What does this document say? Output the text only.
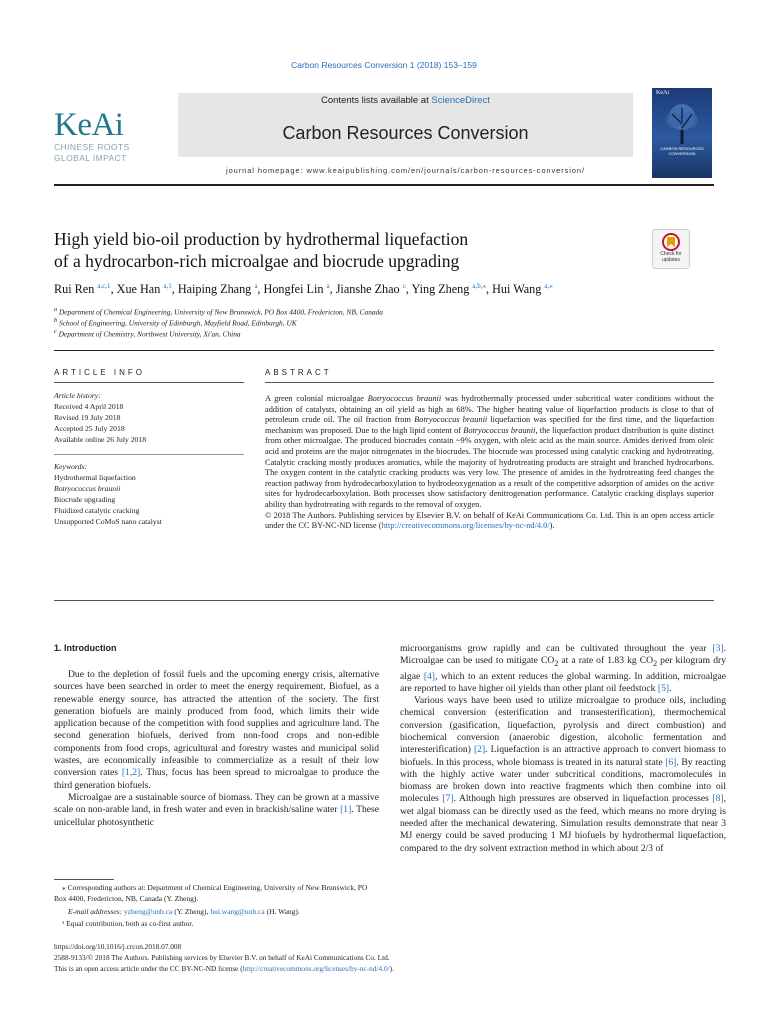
Carbon Resources Conversion 1 (2018) 153–159
KeAi
CHINESE ROOTS
GLOBAL IMPACT
Contents lists available at ScienceDirect
Carbon Resources Conversion
journal homepage: www.keaipublishing.com/en/journals/carbon-resources-conversion/
KeAi
CARBON RESOURCES CONVERSION
High yield bio-oil production by hydrothermal liquefaction
of a hydrocarbon-rich microalgae and biocrude upgrading	Check for updates
Rui Ren $^{a,c,1}$, Xue Han $^{a,1}$, Haiping Zhang $^a$, Hongfei Lin $^a$, Jianshe Zhao $^c$, Ying Zheng $^{a,b,⁎}$, Hui Wang $^{a,⁎}$
$^a$ Department of Chemical Engineering, University of New Brunswick, PO Box 4400, Fredericton, NB, Canada
$^b$ School of Engineering, University of Edinburgh, Mayfield Road, Edinburgh, UK
$^c$ Department of Chemistry, Northwest University, Xi'an, China
ARTICLE INFO
Article history:
Received 4 April 2018
Revised 19 July 2018
Accepted 25 July 2018
Available online 26 July 2018
Keywords:
Hydrothermal liquefaction
Botryococcus braunii
Biocrude upgrading
Fluidized catalytic cracking
Unsupported CoMoS nano catalyst
ABSTRACT
A green colonial microalgae Botryococcus braunii was hydrothermally processed under subcritical water conditions without the addition of catalysts, obtaining an oil yield as high as 68%. The higher heating value of liquefaction products is close to that of petroleum crude oil. The oil fraction from Botryococcus braunii liquefaction was specified for the first time, and the liquefaction mechanism was proposed. Due to the high lipid content of Botryococcus braunii, the liquefaction product distribution is quite distinct from other microalgae. The produced biocrudes contain ~9% oxygen, with oleic acid as the main source. Amides derived from oleic acid and proteins are the major nitrogenates in the biocrudes. The biocrude was processed using catalytic cracking and hydrotreating. Catalytic cracking mostly produces aromatics, while the majority of hydrotreating products are straight and branched hydrocarbons. The oxygen content in the catalytic cracking products was very low. The presence of amides in the hydrotreating feed changes the reaction pathway from hydrodecarboxylation to hydrodeoxygenation as a result of the competitive adsorption of amides on the active sites for hydrodecarboxylation. Both processes show satisfactory denitrogenation performance. Catalytic cracking displays superior ability than hydrotreating with regards to the removal of oxygen.
© 2018 The Authors. Publishing services by Elsevier B.V. on behalf of KeAi Communications Co. Ltd. This is an open access article under the CC BY-NC-ND license (http://creativecommons.org/licenses/by-nc-nd/4.0/).
1. Introduction

Due to the depletion of fossil fuels and the upcoming energy crisis, alternative sources have been searched in order to meet the energy requirement. Biofuel, as a renewable energy source, has attracted the attention of the society. The first generation biofuels are mainly produced from food, which limits their wide application because of the competition with food supplies and agriculture land. The second generation biofuels, derived from non-food crops and non-edible components from food crops, agricultural and forestry wastes and municipal solid wastes, are economically infeasible to commercialize as a result of their low conversion rates [1,2]. Thus, focus has been spread to microalgae to produce the third generation biofuels.

Microalgae are a sustainable source of biomass. They can be grown at a massive scale on non-arable land, in fresh water and even in brackish/saline water [1]. These unicellular photosynthetic

microorganisms grow rapidly and can be cultivated throughout the year [3]. Microalgae can be used to mitigate $CO_2$ at a rate of 1.83 kg $CO_2$ per kilogram dry algae [4], which to an extent reduces the global warming. In addition, microalgae are reported to have higher oil yields than other plant oil feedstock [5].

Various ways have been used to utilize microalgae to produce oils, including chemical conversion (esterification and transesterification), thermochemical conversion (gasification, liquefaction, pyrolysis and direct combustion) and biochemical conversion (anaerobic digestion, alcoholic fermentation and interesterification) [2]. Liquefaction is an attractive approach to convert biomass to biofuels. In this process, whole biomass is treated in its natural state [6]. By reacting with the highly active water under subcritical conditions, macromolecules in biomass are broken down into reactive fragments which then combine into oil molecules [7]. Although high pressures are observed in liquefaction processes [8], wet algal biomass can be directly used as the feed, which means no more drying is needed after the mechanical dewatering. Simulation results demonstrate that near 3 MJ energy could be saved producing 1 MJ biofuels by hydrothermal liquefaction, compared to the dry solvent extraction method in which about 2/3 of

⁎ Corresponding authors at: Department of Chemical Engineering, University of New Brunswick, PO Box 4400, Fredericton, NB, Canada (Y. Zheng).
E-mail addresses: yzheng@unb.ca (Y. Zheng), hui.wang@unb.ca (H. Wang).
¹ Equal contribution, both as co-first author.
https://doi.org/10.1016/j.crcon.2018.07.008
2588-9133/© 2018 The Authors. Publishing services by Elsevier B.V. on behalf of KeAi Communications Co. Ltd.
This is an open access article under the CC BY-NC-ND license (http://creativecommons.org/licenses/by-nc-nd/4.0/).
